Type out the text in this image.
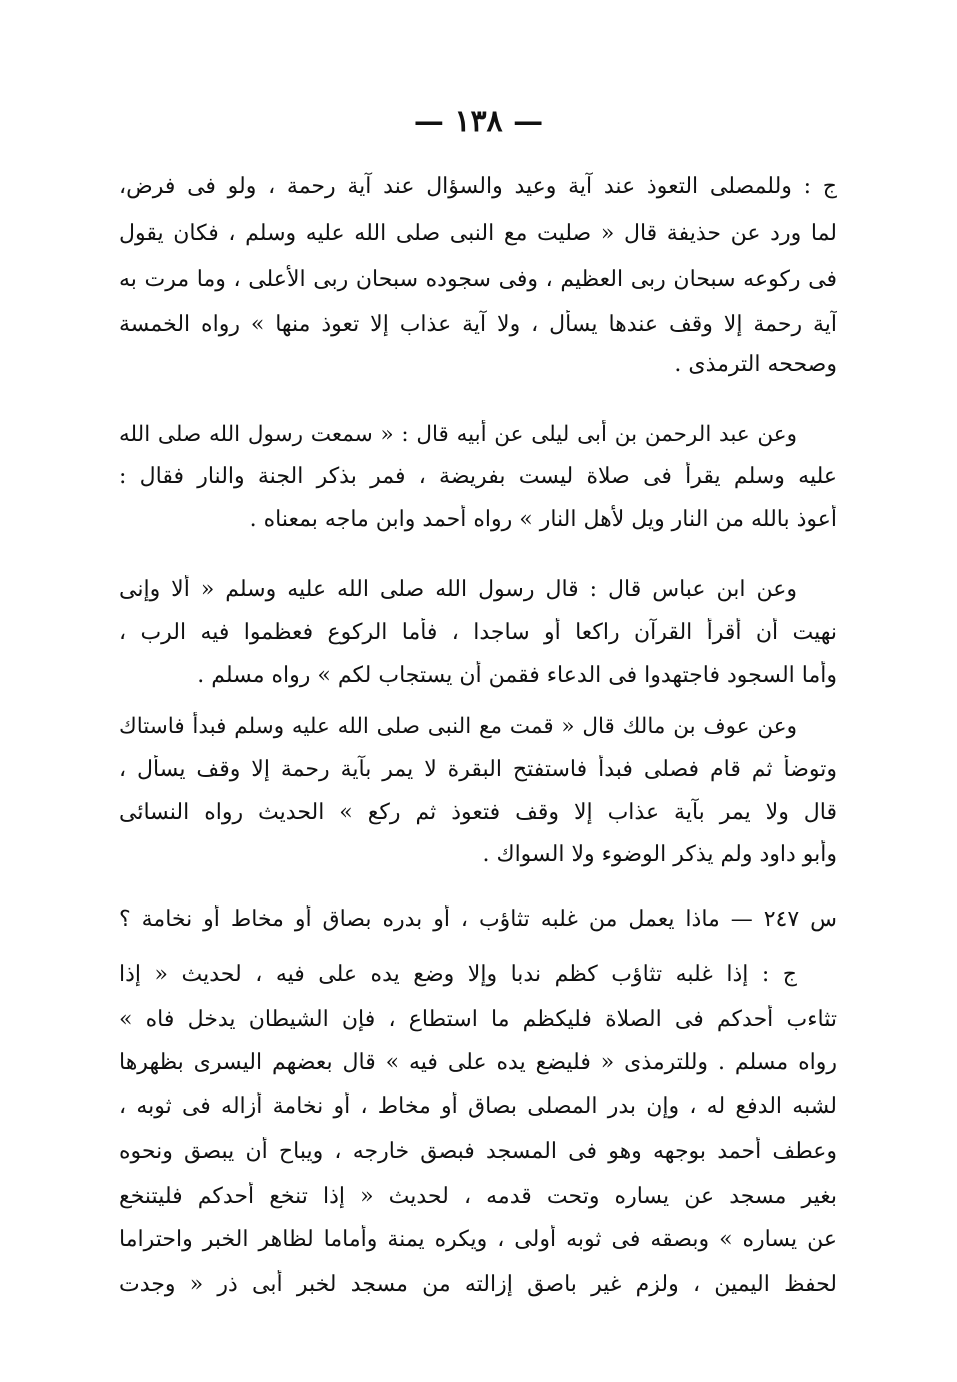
— ١٣٨ —
ج : وللمصلى التعوذ عند آية وعيد والسؤال عند آية رحمة ، ولو فى فرض،
لما ورد عن حذيفة قال « صليت مع النبى صلى الله عليه وسلم ، فكان يقول
فى ركوعه سبحان ربى العظيم ، وفى سجوده سبحان ربى الأعلى ، وما مرت به
آية رحمة إلا وقف عندها يسأل ، ولا آية عذاب إلا تعوذ منها » رواه الخمسة
وصححه الترمذى .
وعن عبد الرحمن بن أبى ليلى عن أبيه قال : « سمعت رسول الله صلى الله
عليه وسلم يقرأ فى صلاة ليست بفريضة ، فمر بذكر الجنة والنار فقال :
أعوذ بالله من النار ويل لأهل النار » رواه أحمد وابن ماجه بمعناه .
وعن ابن عباس قال : قال رسول الله صلى الله عليه وسلم « ألا وإنى
نهيت أن أقرأ القرآن راكعا أو ساجدا ، فأما الركوع فعظموا فيه الرب ،
وأما السجود فاجتهدوا فى الدعاء فقمن أن يستجاب لكم » رواه مسلم .
وعن عوف بن مالك قال « قمت مع النبى صلى الله عليه وسلم فبدأ فاستاك
وتوضأ ثم قام فصلى فبدأ فاستفتح البقرة لا يمر بآية رحمة إلا وقف يسأل ،
قال ولا يمر بآية عذاب إلا وقف فتعوذ ثم ركع » الحديث رواه النسائى
وأبو داود ولم يذكر الوضوء ولا السواك .
س ٢٤٧ — ماذا يعمل من غلبه تثاؤب ، أو بدره بصاق أو مخاط أو نخامة ؟
ج : إذا غلبه تثاؤب كظم ندبا وإلا وضع يده على فيه ، لحديث « إذا
تثاءب أحدكم فى الصلاة فليكظم ما استطاع ، فإن الشيطان يدخل فاه »
رواه مسلم . وللترمذى « فليضع يده على فيه » قال بعضهم اليسرى بظهرها
لشبه الدفع له ، وإن بدر المصلى بصاق أو مخاط ، أو نخامة أزاله فى ثوبه ،
وعطف أحمد بوجهه وهو فى المسجد فبصق خارجه ، ويباح أن يبصق ونحوه
بغير مسجد عن يساره وتحت قدمه ، لحديث « إذا تنخع أحدكم فليتنخع
عن يساره » وبصقه فى ثوبه أولى ، ويكره يمنة وأماما لظاهر الخبر واحتراما
لحفظ اليمين ، ولزم غير باصق إزالته من مسجد لخبر أبى ذر « وجدت
